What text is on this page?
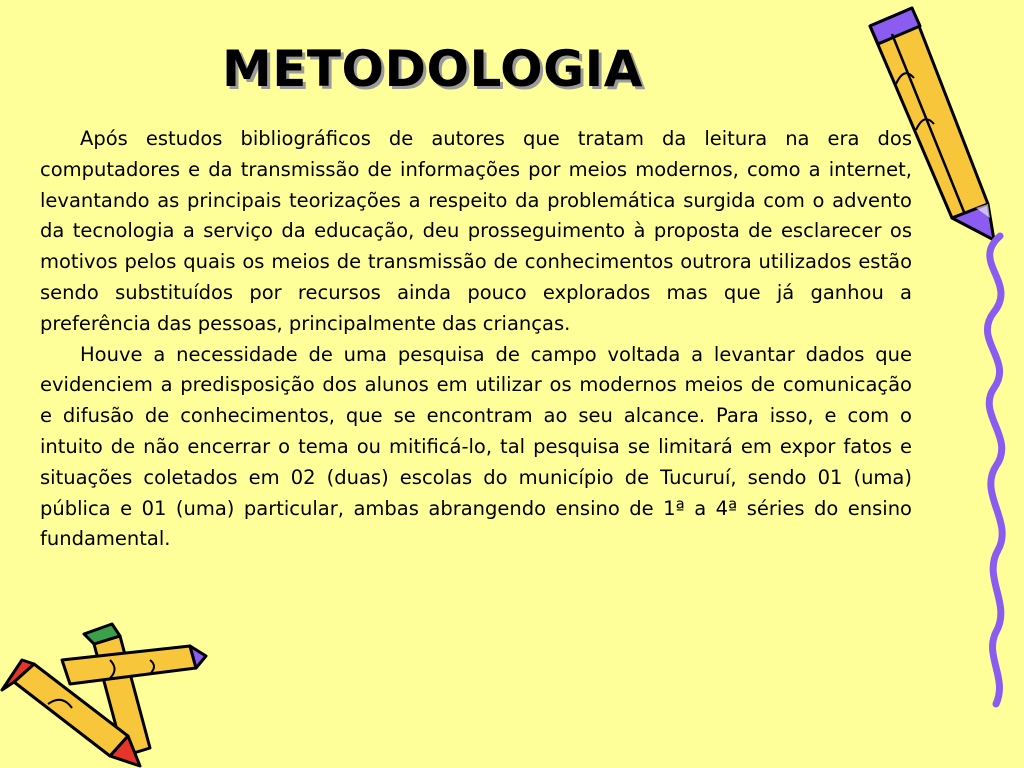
METODOLOGIA

Após estudos bibliográficos de autores que tratam da leitura na era dos computadores e da transmissão de informações por meios modernos, como a internet, levantando as principais teorizações a respeito da problemática surgida com o advento da tecnologia a serviço da educação, deu prosseguimento à proposta de esclarecer os motivos pelos quais os meios de transmissão de conhecimentos outrora utilizados estão sendo substituídos por recursos ainda pouco explorados mas que já ganhou a preferência das pessoas, principalmente das crianças.

Houve a necessidade de uma pesquisa de campo voltada a levantar dados que evidenciem a predisposição dos alunos em utilizar os modernos meios de comunicação e difusão de conhecimentos, que se encontram ao seu alcance. Para isso, e com o intuito de não encerrar o tema ou mitificá-lo, tal pesquisa se limitará em expor fatos e situações coletados em 02 (duas) escolas do município de Tucuruí, sendo 01 (uma) pública e 01 (uma) particular, ambas abrangendo ensino de 1ª a 4ª séries do ensino fundamental.
